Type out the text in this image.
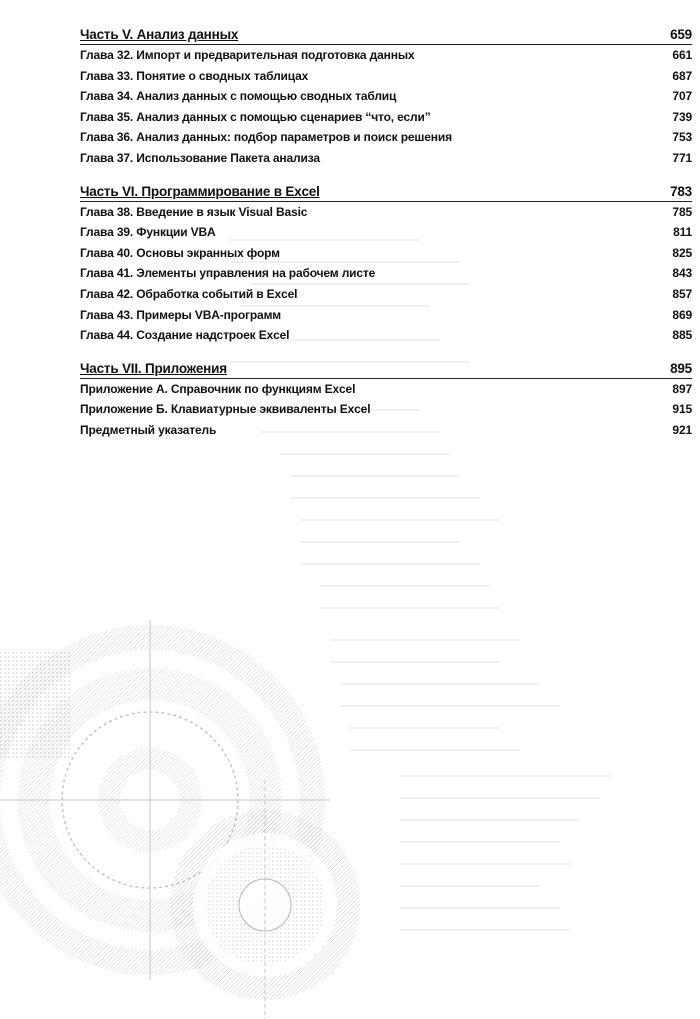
Часть V. Анализ данных	659
Глава 32. Импорт и предварительная подготовка данных	661
Глава 33. Понятие о сводных таблицах	687
Глава 34. Анализ данных с помощью сводных таблиц	707
Глава 35. Анализ данных с помощью сценариев “что, если”	739
Глава 36. Анализ данных: подбор параметров и поиск решения	753
Глава 37. Использование Пакета анализа	771
Часть VI. Программирование в Excel	783
Глава 38. Введение в язык Visual Basic	785
Глава 39. Функции VBA	811
Глава 40. Основы экранных форм	825
Глава 41. Элементы управления на рабочем листе	843
Глава 42. Обработка событий в Excel	857
Глава 43. Примеры VBA-программ	869
Глава 44. Создание надстроек Excel	885
Часть VII. Приложения	895
Приложение А. Справочник по функциям Excel	897
Приложение Б. Клавиатурные эквиваленты Excel	915
Предметный указатель	921
